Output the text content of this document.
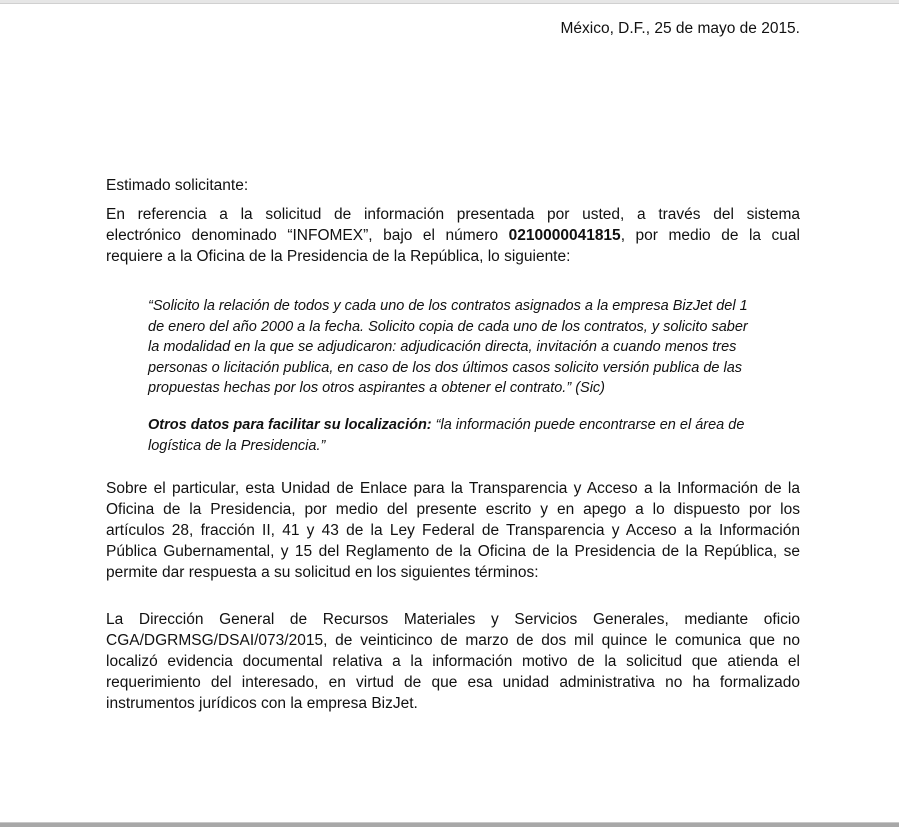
México, D.F., 25 de mayo de 2015.
Estimado solicitante:
En referencia a la solicitud de información presentada por usted, a través del sistema
electrónico denominado “INFOMEX”, bajo el número 0210000041815, por medio de la cual
requiere a la Oficina de la Presidencia de la República, lo siguiente:
“Solicito la relación de todos y cada uno de los contratos asignados a la empresa BizJet del 1
de enero del año 2000 a la fecha. Solicito copia de cada uno de los contratos, y solicito saber
la modalidad en la que se adjudicaron: adjudicación directa, invitación a cuando menos tres
personas o licitación publica, en caso de los dos últimos casos solicito versión publica de las
propuestas hechas por los otros aspirantes a obtener el contrato.” (Sic)
Otros datos para facilitar su localización: “la información puede encontrarse en el área de
logística de la Presidencia.”
Sobre el particular, esta Unidad de Enlace para la Transparencia y Acceso a la Información de la
Oficina de la Presidencia, por medio del presente escrito y en apego a lo dispuesto por los
artículos 28, fracción II, 41 y 43 de la Ley Federal de Transparencia y Acceso a la Información
Pública Gubernamental, y 15 del Reglamento de la Oficina de la Presidencia de la República, se
permite dar respuesta a su solicitud en los siguientes términos:
La Dirección General de Recursos Materiales y Servicios Generales, mediante oficio
CGA/DGRMSG/DSAI/073/2015, de veinticinco de marzo de dos mil quince le comunica que no
localizó evidencia documental relativa a la información motivo de la solicitud que atienda el
requerimiento del interesado, en virtud de que esa unidad administrativa no ha formalizado
instrumentos jurídicos con la empresa BizJet.
